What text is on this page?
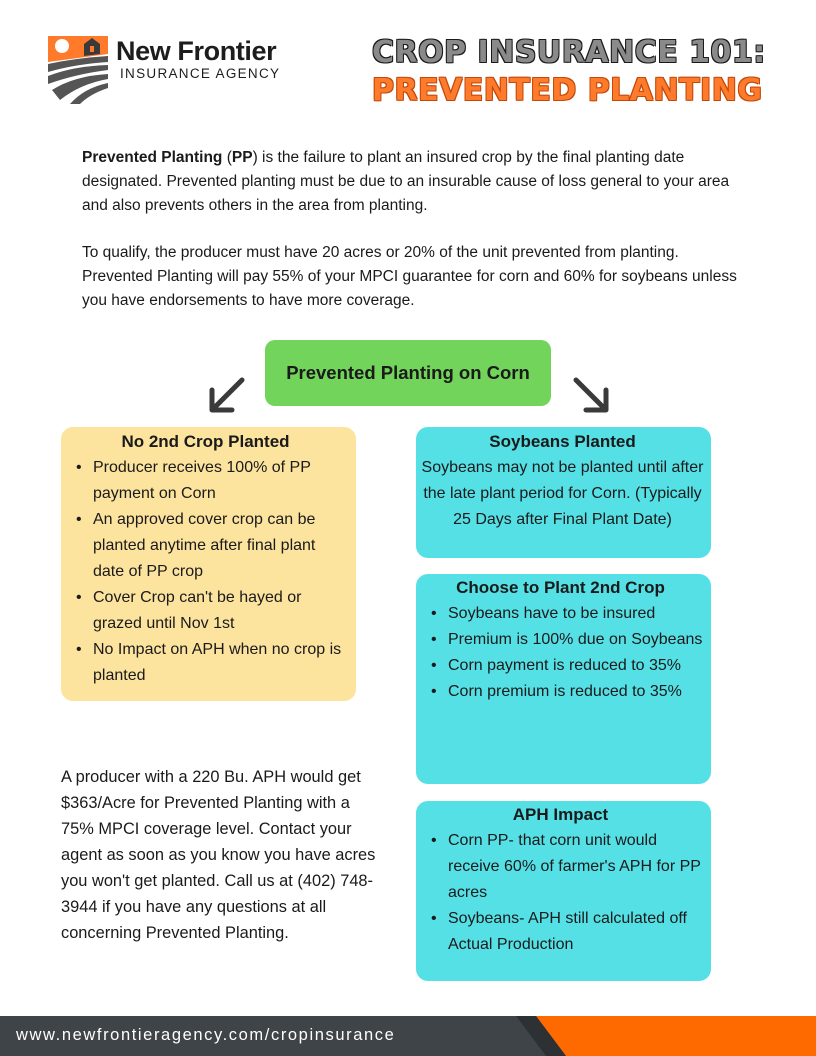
New Frontier
INSURANCE AGENCY
CROP INSURANCE 101:
PREVENTED PLANTING

Prevented Planting (PP) is the failure to plant an insured crop by the final planting date designated. Prevented planting must be due to an insurable cause of loss general to your area and also prevents others in the area from planting.

To qualify, the producer must have 20 acres or 20% of the unit prevented from planting. Prevented Planting will pay 55% of your MPCI guarantee for corn and 60% for soybeans unless you have endorsements to have more coverage.

Prevented Planting on Corn
No 2nd Crop Planted
• Producer receives 100% of PP payment on Corn
• An approved cover crop can be planted anytime after final plant date of PP crop
• Cover Crop can't be hayed or grazed until Nov 1st
• No Impact on APH when no crop is planted
Soybeans Planted
Soybeans may not be planted until after the late plant period for Corn. (Typically 25 Days after Final Plant Date)
Choose to Plant 2nd Crop
• Soybeans have to be insured
• Premium is 100% due on Soybeans
• Corn payment is reduced to 35%
• Corn premium is reduced to 35%
APH Impact
• Corn PP- that corn unit would receive 60% of farmer's APH for PP acres
• Soybeans- APH still calculated off Actual Production
A producer with a 220 Bu. APH would get $363/Acre for Prevented Planting with a 75% MPCI coverage level. Contact your agent as soon as you know you have acres you won't get planted. Call us at (402) 748-3944 if you have any questions at all concerning Prevented Planting.
www.newfrontieragency.com/cropinsurance
